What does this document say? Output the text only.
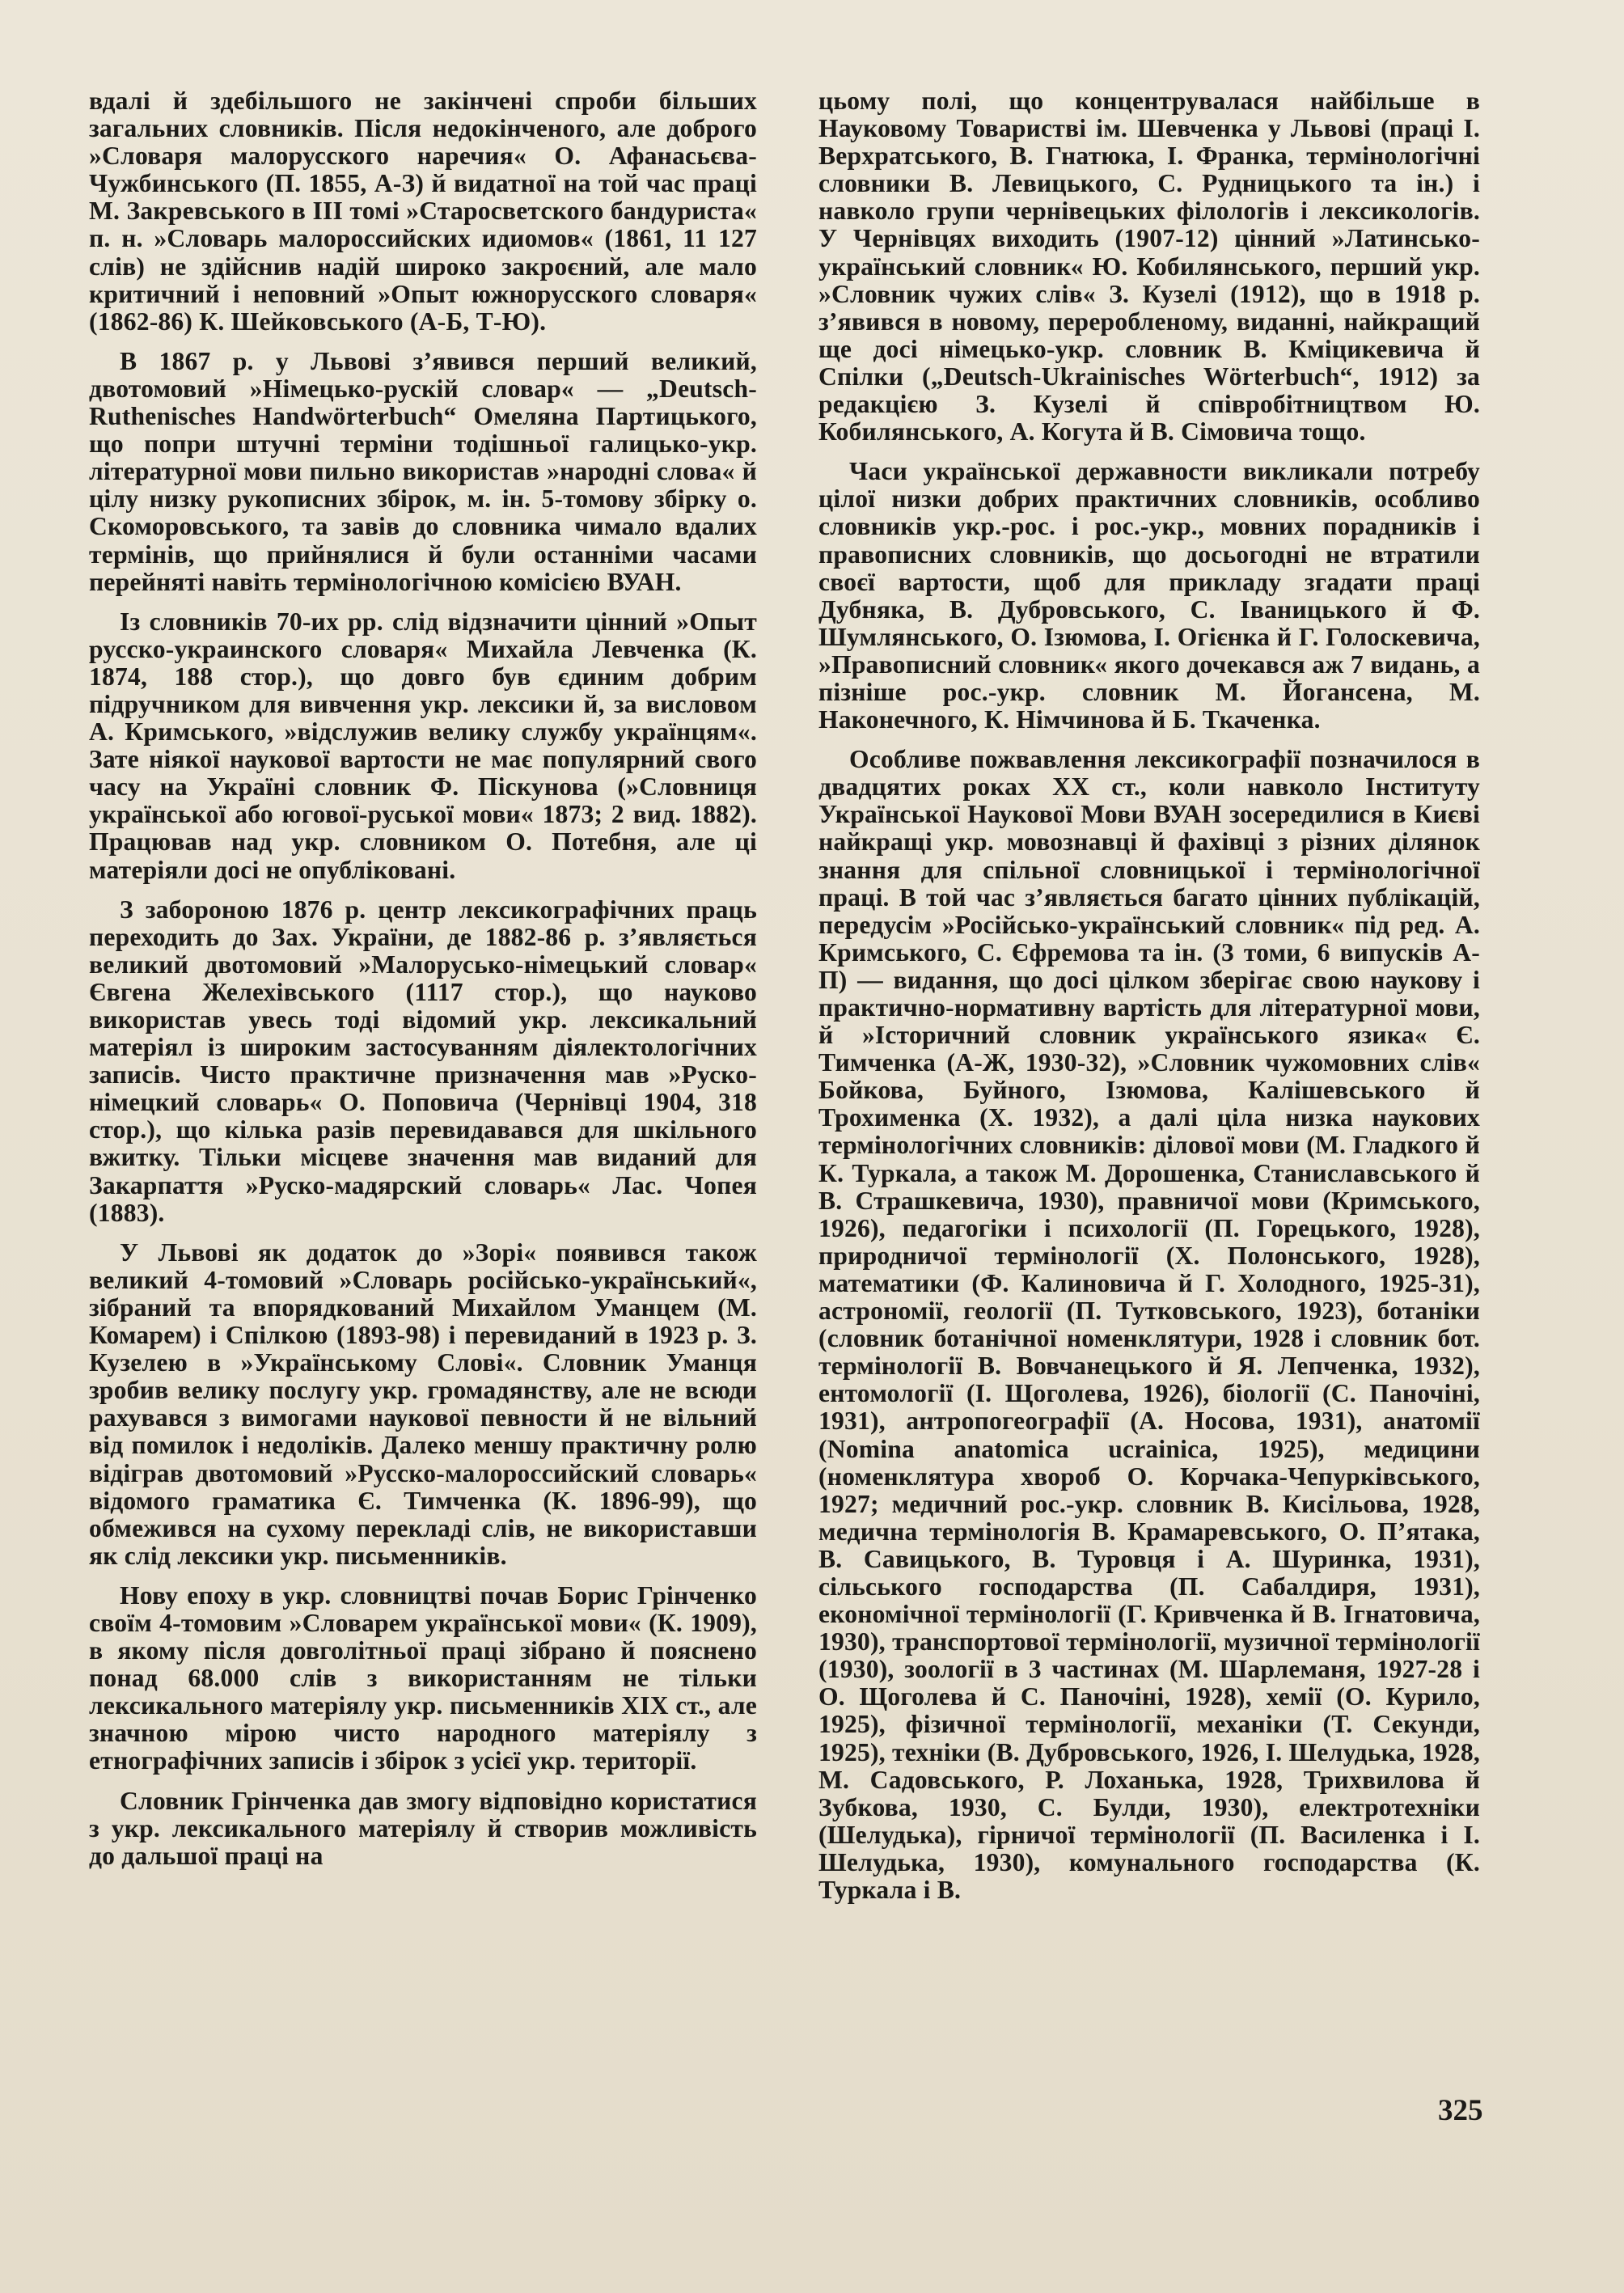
вдалі й здебільшого не закінчені спроби більших загальних словників. Після недокінченого, але доброго »Словаря малорусского наречия« О. Афанасьєва-Чужбинського (П. 1855, А-З) й видатної на той час праці М. Закревського в III томі »Старосветского бандуриста« п. н. »Словарь малороссийских идиомов« (1861, 11 127 слів) не здійснив надій широко закроєний, але мало критичний і неповний »Опыт южнорусского словаря« (1862-86) К. Шейковського (А-Б, Т-Ю).

В 1867 р. у Львові з’явився перший великий, двотомовий »Німецько-рускій словар« — „Deutsch-Ruthenisches Handwörterbuch“ Омеляна Партицького, що попри штучні терміни тодішньої галицько-укр. літературної мови пильно використав »народні слова« й цілу низку рукописних збірок, м. ін. 5-томову збірку о. Скоморовського, та завів до словника чимало вдалих термінів, що прийнялися й були останніми часами перейняті навіть термінологічною комісією ВУАН.

Із словників 70-их рр. слід відзначити цінний »Опыт русско-украинского словаря« Михайла Левченка (К. 1874, 188 стор.), що довго був єдиним добрим підручником для вивчення укр. лексики й, за висловом А. Кримського, »відслужив велику службу українцям«. Зате ніякої наукової вартости не має популярний свого часу на Україні словник Ф. Піскунова (»Словниця української або югової-руської мови« 1873; 2 вид. 1882). Працював над укр. словником О. Потебня, але ці матеріяли досі не опубліковані.

З забороною 1876 р. центр лексикографічних праць переходить до Зах. України, де 1882-86 р. з’являється великий двотомовий »Малорусько-німецький словар« Євгена Желехівського (1117 стор.), що науково використав увесь тоді відомий укр. лексикальний матеріял із широким застосуванням діялектологічних записів. Чисто практичне призначення мав »Руско-німецкий словарь« О. Поповича (Чернівці 1904, 318 стор.), що кілька разів перевидавався для шкільного вжитку. Тільки місцеве значення мав виданий для Закарпаття »Руско-мадярский словарь« Лас. Чопея (1883).

У Львові як додаток до »Зорі« появився також великий 4-томовий »Словарь російсько-український«, зібраний та впорядкований Михайлом Уманцем (М. Комарем) і Спілкою (1893-98) і перевиданий в 1923 р. З. Кузелею в »Українському Слові«. Словник Уманця зробив велику послугу укр. громадянству, але не всюди рахувався з вимогами наукової певности й не вільний від помилок і недоліків. Далеко меншу практичну ролю відіграв двотомовий »Русско-малороссийский словарь« відомого граматика Є. Тимченка (К. 1896-99), що обмежився на сухому перекладі слів, не використавши як слід лексики укр. письменників.

Нову епоху в укр. словництві почав Борис Грінченко своїм 4-томовим »Словарем української мови« (К. 1909), в якому після довголітньої праці зібрано й пояснено понад 68.000 слів з використанням не тільки лексикального матеріялу укр. письменників XIX ст., але значною мірою чисто народного матеріялу з етнографічних записів і збірок з усієї укр. території.

Словник Грінченка дав змогу відповідно користатися з укр. лексикального матеріялу й створив можливість до дальшої праці на

цьому полі, що концентрувалася найбільше в Науковому Товаристві ім. Шевченка у Львові (праці І. Верхратського, В. Гнатюка, І. Франка, термінологічні словники В. Левицького, С. Рудницького та ін.) і навколо групи чернівецьких філологів і лексикологів. У Чернівцях виходить (1907-12) цінний »Латинсько-український словник« Ю. Кобилянського, перший укр. »Словник чужих слів« З. Кузелі (1912), що в 1918 р. з’явився в новому, переробленому, виданні, найкращий ще досі німецько-укр. словник В. Кміцикевича й Спілки („Deutsch-Ukrainisches Wörterbuch“, 1912) за редакцією З. Кузелі й співробітництвом Ю. Кобилянського, А. Когута й В. Сімовича тощо.

Часи української державности викликали потребу цілої низки добрих практичних словників, особливо словників укр.-рос. і рос.-укр., мовних порадників і правописних словників, що досьогодні не втратили своєї вартости, щоб для прикладу згадати праці Дубняка, В. Дубровського, С. Іваницького й Ф. Шумлянського, О. Ізюмова, І. Огієнка й Г. Голоскевича, »Правописний словник« якого дочекався аж 7 видань, а пізніше рос.-укр. словник М. Йогансена, М. Наконечного, К. Німчинова й Б. Ткаченка.

Особливе пожвавлення лексикографії позначилося в двадцятих роках XX ст., коли навколо Інституту Української Наукової Мови ВУАН зосередилися в Києві найкращі укр. мовознавці й фахівці з різних ділянок знання для спільної словницької і термінологічної праці. В той час з’являється багато цінних публікацій, передусім »Російсько-український словник« під ред. А. Кримського, С. Єфремова та ін. (3 томи, 6 випусків А-П) — видання, що досі цілком зберігає свою наукову і практично-нормативну вартість для літературної мови, й »Історичний словник українського язика« Є. Тимченка (А-Ж, 1930-32), »Словник чужомовних слів« Бойкова, Буйного, Ізюмова, Калішевського й Трохименка (Х. 1932), а далі ціла низка наукових термінологічних словників: ділової мови (М. Гладкого й К. Туркала, а також М. Дорошенка, Станиславського й В. Страшкевича, 1930), правничої мови (Кримського, 1926), педагогіки і психології (П. Горецького, 1928), природничої термінології (Х. Полонського, 1928), математики (Ф. Калиновича й Г. Холодного, 1925-31), астрономії, геології (П. Тутковського, 1923), ботаніки (словник ботанічної номенклятури, 1928 і словник бот. термінології В. Вовчанецького й Я. Лепченка, 1932), ентомології (І. Щоголева, 1926), біології (С. Паночіні, 1931), антропогеографії (А. Носова, 1931), анатомії (Nomina anatomica ucrainica, 1925), медицини (номенклятура хвороб О. Корчака-Чепурківського, 1927; медичний рос.-укр. словник В. Кисільова, 1928, медична термінологія В. Крамаревського, О. П’ятака, В. Савицького, В. Туровця і А. Шуринка, 1931), сільського господарства (П. Сабалдиря, 1931), економічної термінології (Г. Кривченка й В. Ігнатовича, 1930), транспортової термінології, музичної термінології (1930), зоології в 3 частинах (М. Шарлеманя, 1927-28 і О. Щоголева й С. Паночіні, 1928), хемії (О. Курило, 1925), фізичної термінології, механіки (Т. Секунди, 1925), техніки (В. Дубровського, 1926, І. Шелудька, 1928, М. Садовського, Р. Лоханька, 1928, Трихвилова й Зубкова, 1930, С. Булди, 1930), електротехніки (Шелудька), гірничої термінології (П. Василенка і І. Шелудька, 1930), комунального господарства (К. Туркала і В.

325
